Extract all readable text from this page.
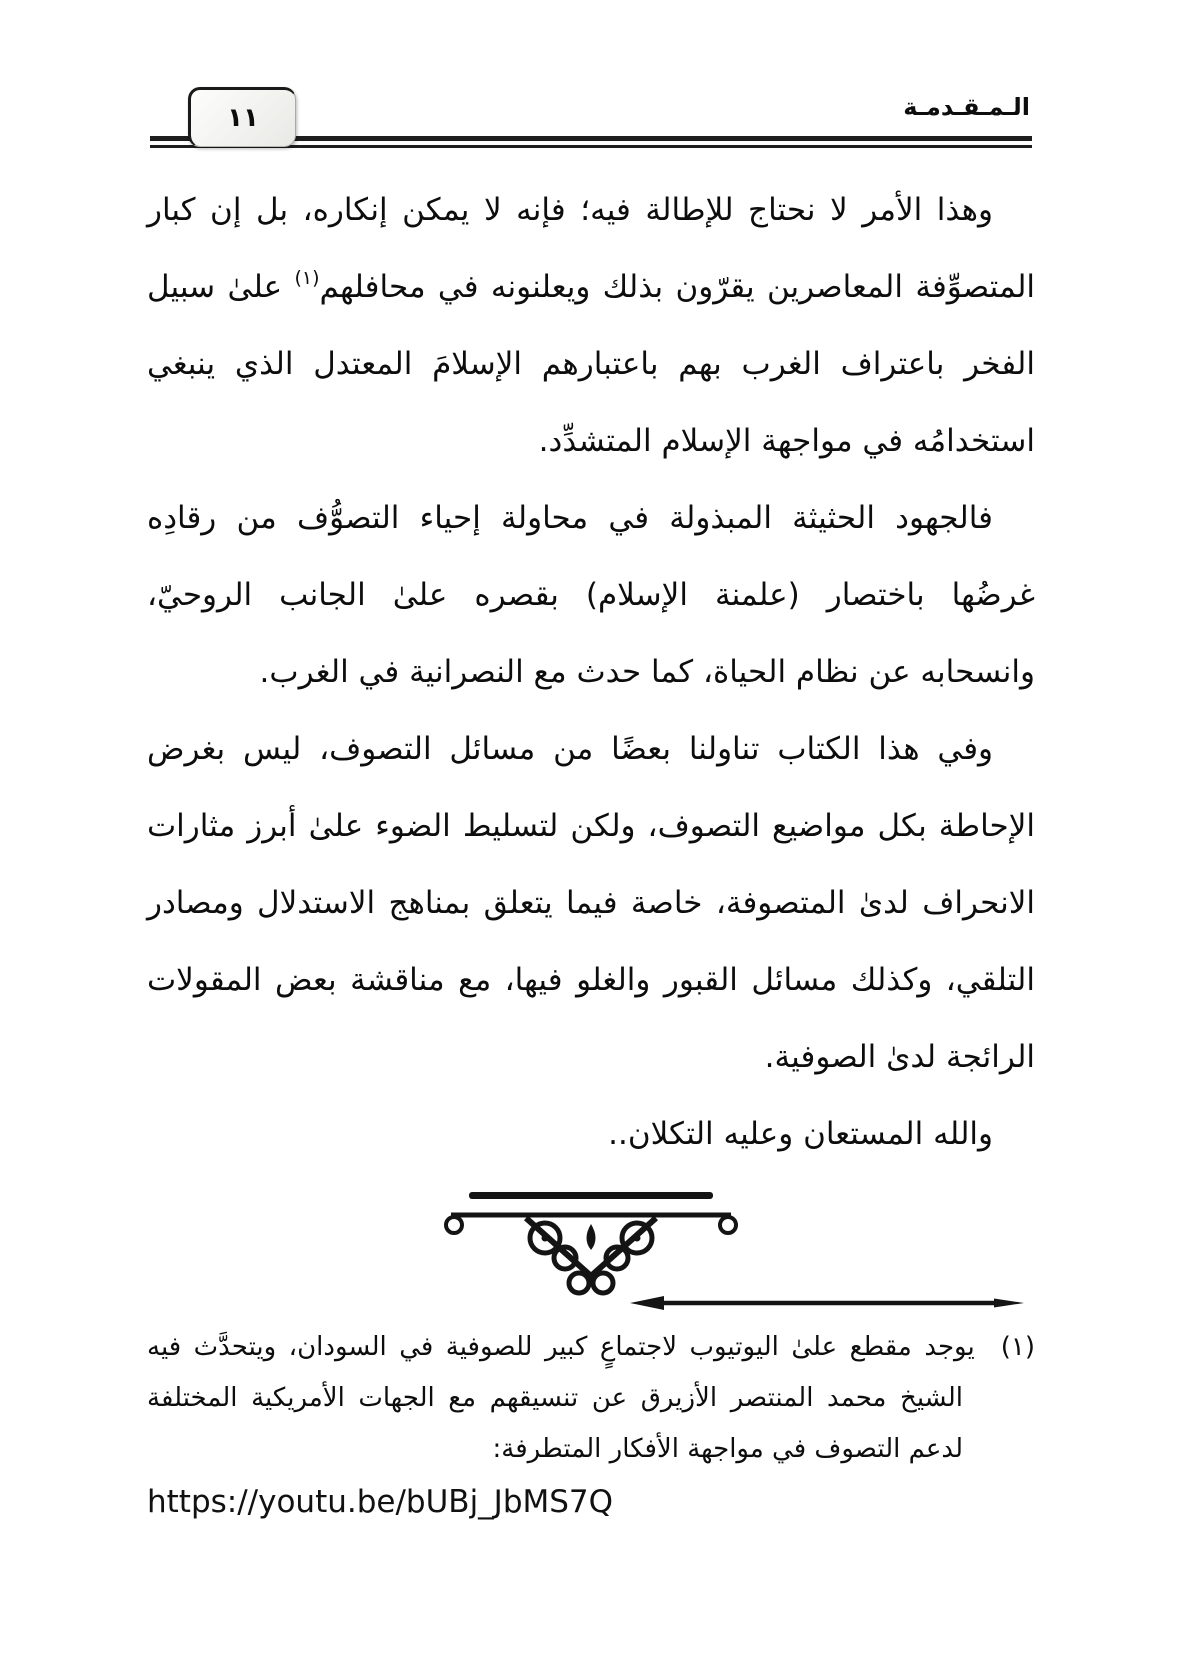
الـمـقـدمـة
١١

وهذا الأمر لا نحتاج للإطالة فيه؛ فإنه لا يمكن إنكاره، بل إن كبار المتصوِّفة المعاصرين يقرّون بذلك ويعلنونه في محافلهم$^{(١)}$ علىٰ سبيل الفخر باعتراف الغرب بهم باعتبارهم الإسلامَ المعتدل الذي ينبغي استخدامُه في مواجهة الإسلام المتشدِّد.

فالجهود الحثيثة المبذولة في محاولة إحياء التصوُّف من رقادِه غرضُها باختصار (علمنة الإسلام) بقصره علىٰ الجانب الروحيّ، وانسحابه عن نظام الحياة، كما حدث مع النصرانية في الغرب.

وفي هذا الكتاب تناولنا بعضًا من مسائل التصوف، ليس بغرض الإحاطة بكل مواضيع التصوف، ولكن لتسليط الضوء علىٰ أبرز مثارات الانحراف لدىٰ المتصوفة، خاصة فيما يتعلق بمناهج الاستدلال ومصادر التلقي، وكذلك مسائل القبور والغلو فيها، مع مناقشة بعض المقولات الرائجة لدىٰ الصوفية.

والله المستعان وعليه التكلان..

(١)يوجد مقطع علىٰ اليوتيوب لاجتماعٍ كبير للصوفية في السودان، ويتحدَّث فيه الشيخ محمد المنتصر الأزيرق عن تنسيقهم مع الجهات الأمريكية المختلفة لدعم التصوف في مواجهة الأفكار المتطرفة:
https://youtu.be/bUBj_JbMS7Q
